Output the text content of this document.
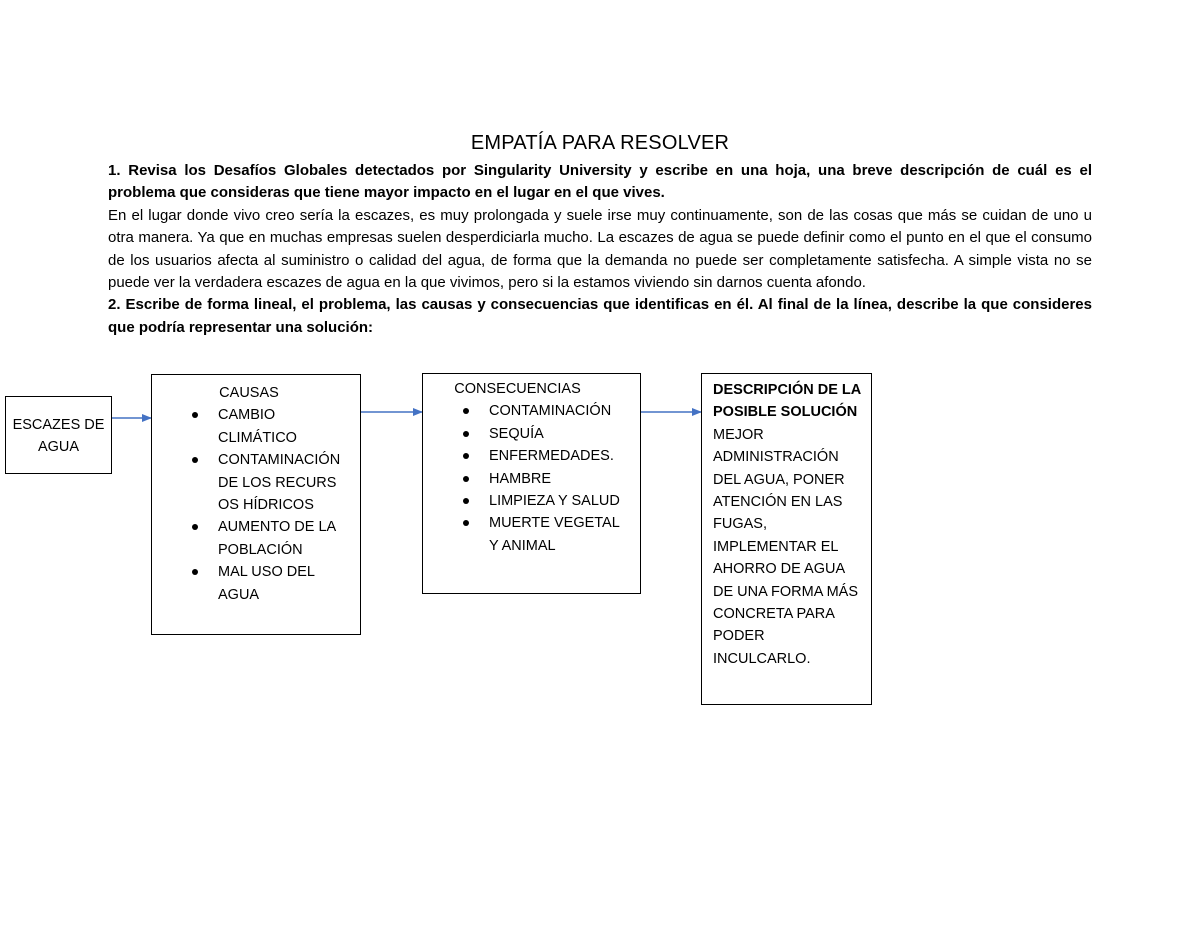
EMPATÍA PARA RESOLVER

1. Revisa los Desafíos Globales detectados por Singularity University y escribe en una hoja, una breve descripción de cuál es el problema que consideras que tiene mayor impacto en el lugar en el que vives.

En el lugar donde vivo creo sería la escazes, es muy prolongada y suele irse muy continuamente, son de las cosas que más se cuidan de uno u otra manera. Ya que en muchas empresas suelen desperdiciarla mucho. La escazes de agua se puede definir como el punto en el que el consumo de los usuarios afecta al suministro o calidad del agua, de forma que la demanda no puede ser completamente satisfecha. A simple vista no se puede ver la verdadera escazes de agua en la que vivimos, pero si la estamos viviendo sin darnos cuenta afondo.

2. Escribe de forma lineal, el problema, las causas y consecuencias que identificas en él. Al final de la línea, describe la que consideres que podría representar una solución:

ESCAZES DE AGUA
CAUSAS
CAMBIO CLIMÁTICO
CONTAMINACIÓN DE LOS RECURSOS HÍDRICOS
AUMENTO DE LA POBLACIÓN
MAL USO DEL AGUA
CONSECUENCIAS
CONTAMINACIÓN
SEQUÍA
ENFERMEDADES.
HAMBRE
LIMPIEZA Y SALUD
MUERTE VEGETAL Y ANIMAL
DESCRIPCIÓN DE LA POSIBLE SOLUCIÓN
MEJOR ADMINISTRACIÓN DEL AGUA, PONER ATENCIÓN EN LAS FUGAS, IMPLEMENTAR EL AHORRO DE AGUA DE UNA FORMA MÁS CONCRETA PARA PODER INCULCARLO.
